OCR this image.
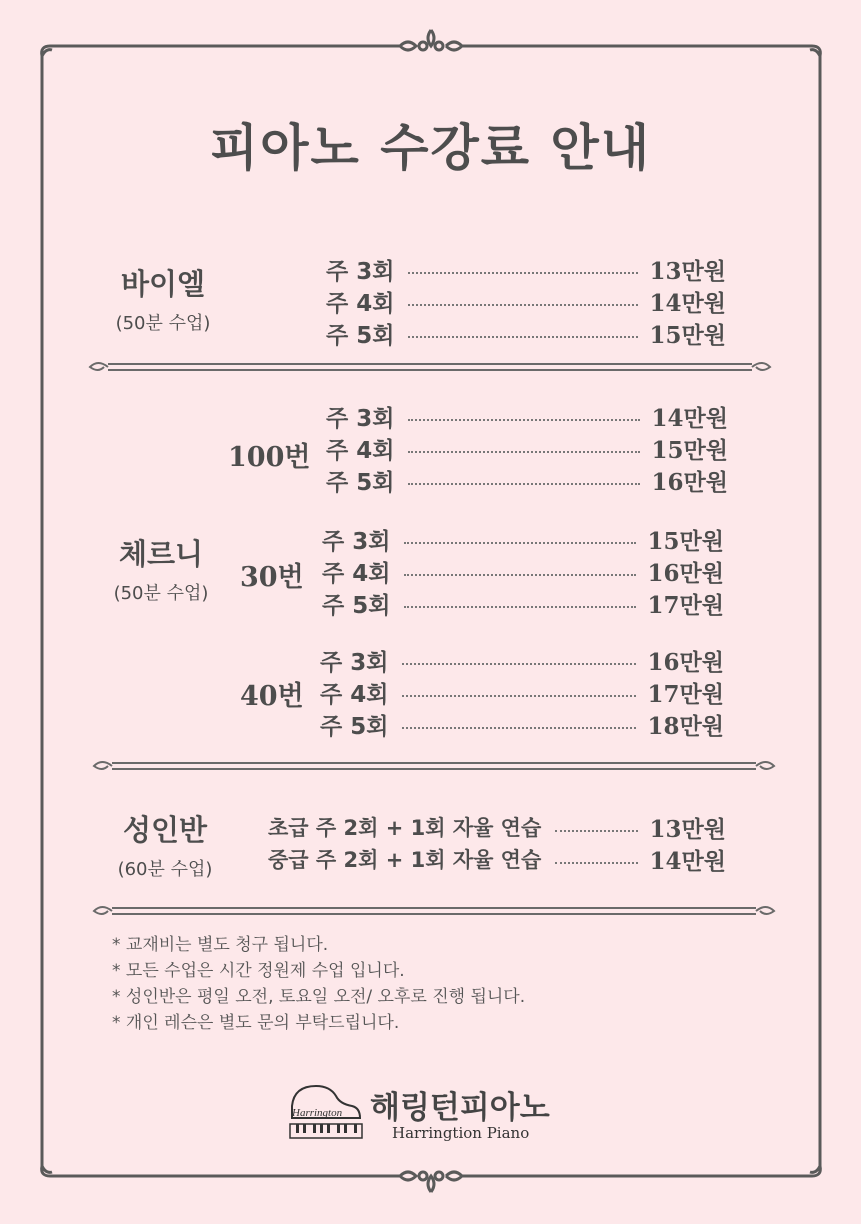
피아노 수강료 안내
바이엘
(50분 수업)
주 3회	13만원
주 4회	14만원
주 5회	15만원
체르니
(50분 수업)
100번
주 3회	14만원
주 4회	15만원
주 5회	16만원
30번
주 3회	15만원
주 4회	16만원
주 5회	17만원
40번
주 3회	16만원
주 4회	17만원
주 5회	18만원
성인반
(60분 수업)
초급 주 2회 + 1회 자율 연습	13만원
중급 주 2회 + 1회 자율 연습	14만원
* 교재비는 별도 청구 됩니다.
* 모든 수업은 시간 정원제 수업 입니다.
* 성인반은 평일 오전, 토요일 오전/ 오후로 진행 됩니다.
* 개인 레슨은 별도 문의 부탁드립니다.
Harrington 해링턴피아노
Harringtion Piano
